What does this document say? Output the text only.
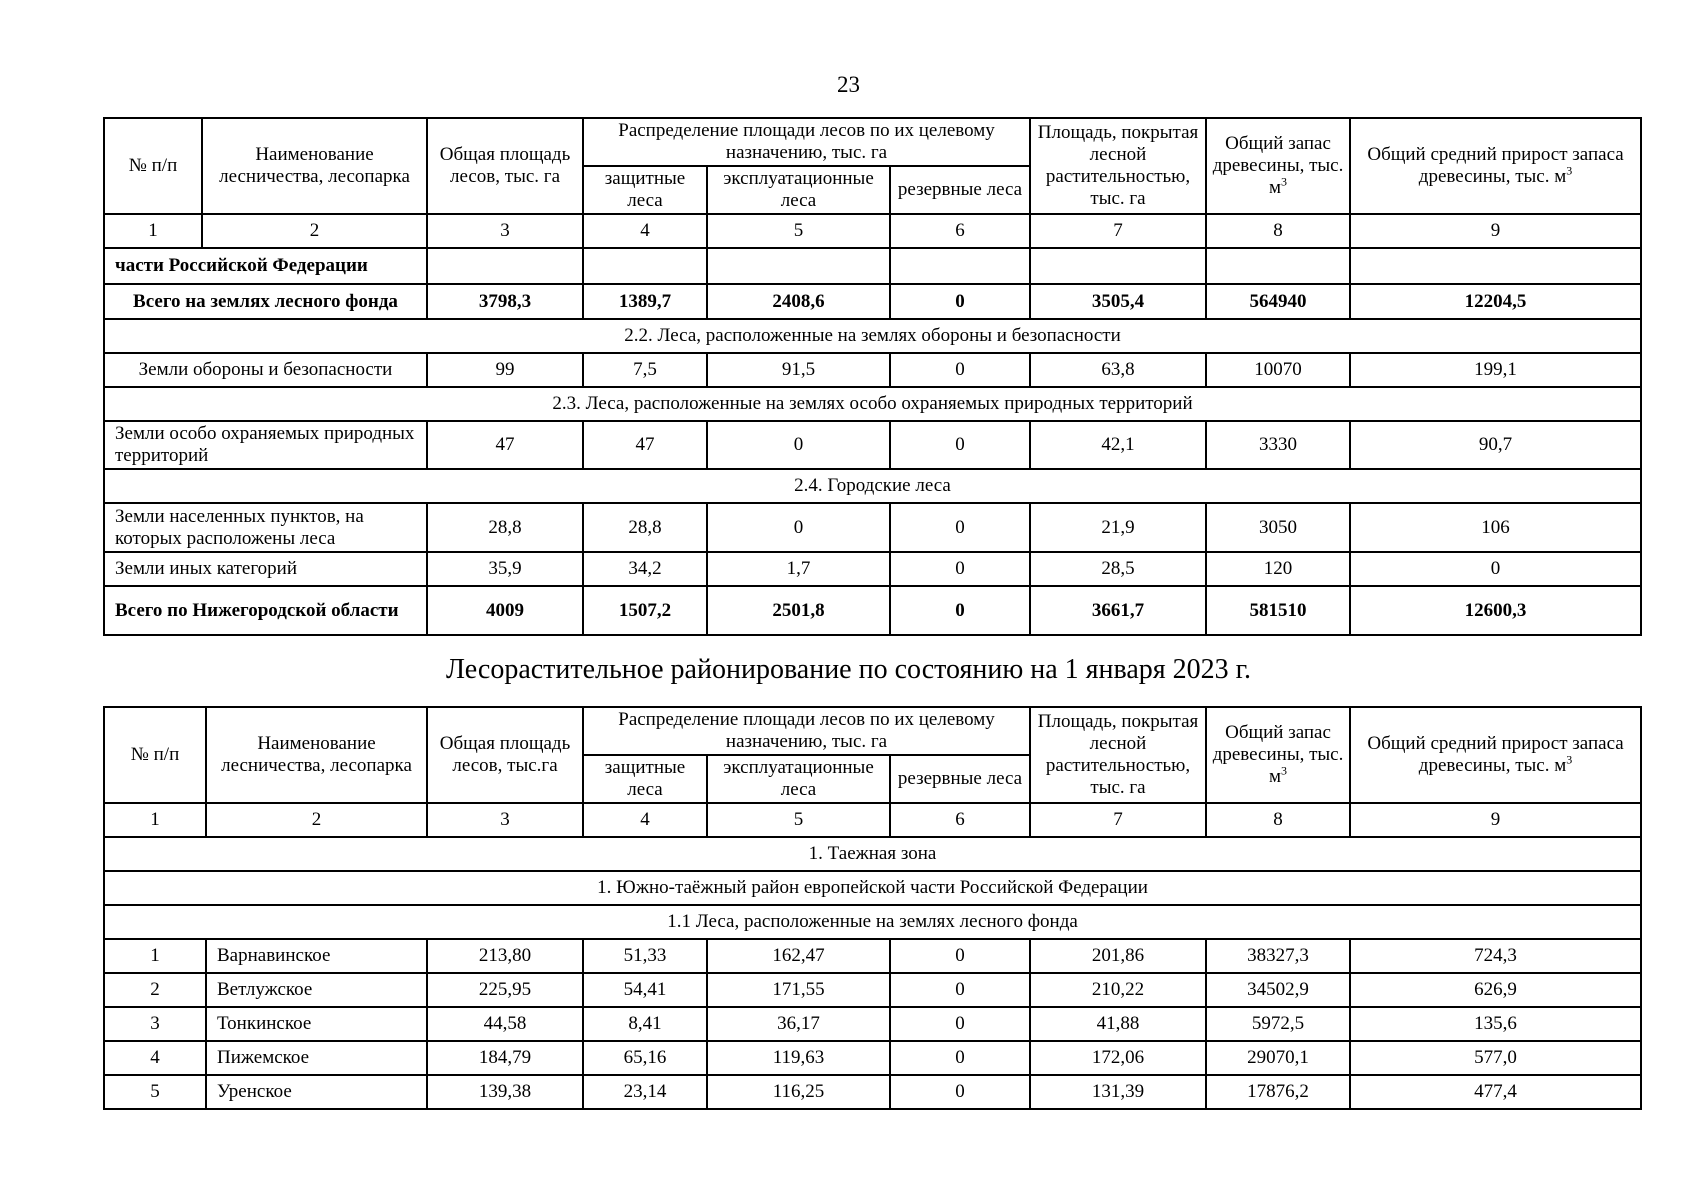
23
№ п/п	Наименование лесничества, лесопарка	Общая площадь лесов, тыс. га	Распределение площади лесов по их целевому назначению, тыс. га			Площадь, покрытая лесной растительностью, тыс. га	Общий запас древесины, тыс. $м^3$	Общий средний прирост запаса древесины, тыс. $м^3$
			защитные леса	эксплуатационные леса	резервные леса			
1	2	3	4	5	6	7	8	9
части Российской Федерации								
Всего на землях лесного фонда		3798,3	1389,7	2408,6	0	3505,4	564940	12204,5
2.2. Леса, расположенные на землях обороны и безопасности								
Земли обороны и безопасности		99	7,5	91,5	0	63,8	10070	199,1
2.3. Леса, расположенные на землях особо охраняемых природных территорий								
Земли особо охраняемых природных территорий		47	47	0	0	42,1	3330	90,7
2.4. Городские леса								
Земли населенных пунктов, на которых расположены леса		28,8	28,8	0	0	21,9	3050	106
Земли иных категорий		35,9	34,2	1,7	0	28,5	120	0
Всего по Нижегородской области		4009	1507,2	2501,8	0	3661,7	581510	12600,3
Лесорастительное районирование по состоянию на 1 января 2023 г.
№ п/п	Наименование лесничества, лесопарка	Общая площадь лесов, тыс.га	Распределение площади лесов по их целевому назначению, тыс. га			Площадь, покрытая лесной растительностью, тыс. га	Общий запас древесины, тыс. $м^3$	Общий средний прирост запаса древесины, тыс. $м^3$
			защитные леса	эксплуатационные леса	резервные леса			
1	2	3	4	5	6	7	8	9
1. Таежная зона								
1. Южно-таёжный район европейской части Российской Федерации								
1.1 Леса, расположенные на землях лесного фонда								
1	Варнавинское	213,80	51,33	162,47	0	201,86	38327,3	724,3
2	Ветлужское	225,95	54,41	171,55	0	210,22	34502,9	626,9
3	Тонкинское	44,58	8,41	36,17	0	41,88	5972,5	135,6
4	Пижемское	184,79	65,16	119,63	0	172,06	29070,1	577,0
5	Уренское	139,38	23,14	116,25	0	131,39	17876,2	477,4
